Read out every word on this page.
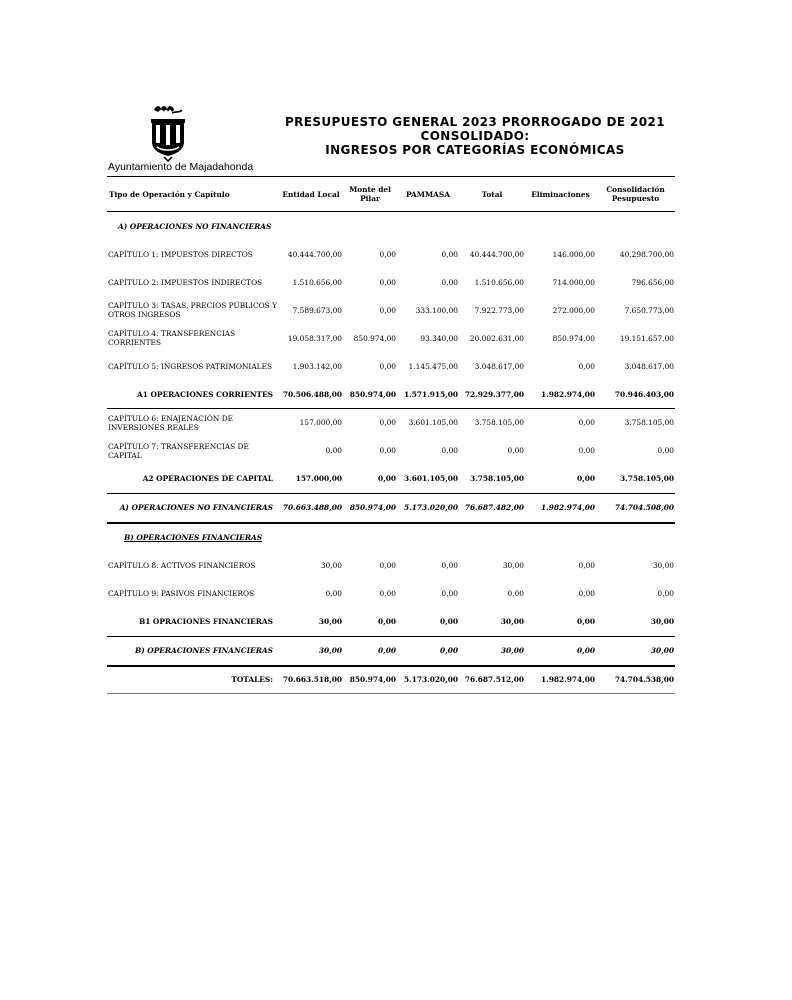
Ayuntamiento de Majadahonda
PRESUPUESTO GENERAL 2023 PRORROGADO DE 2021
CONSOLIDADO:
INGRESOS POR CATEGORÍAS ECONÓMICAS
Tipo de Operación y Capítulo	Entidad Local	Monte del Pilar	PAMMASA	Total	Eliminaciones	Consolidación Pesupuesto
A) OPERACIONES NO FINANCIERAS						
CAPÍTULO 1: IMPUESTOS DIRECTOS	40.444.700,00	0,00	0,00	40.444.700,00	146.000,00	40.298.700,00
CAPÍTULO 2: IMPUESTOS INDIRECTOS	1.510.656,00	0,00	0,00	1.510.656,00	714.000,00	796.656,00
CAPÍTULO 3: TASAS, PRECIOS PÚBLICOS Y OTROS INGRESOS	7.589.673,00	0,00	333.100,00	7.922.773,00	272.000,00	7.650.773,00
CAPÍTULO 4: TRANSFERENCIAS CORRIENTES	19.058.317,00	850.974,00	93.340,00	20.002.631,00	850.974,00	19.151.657,00
CAPÍTULO 5: INGRESOS PATRIMONIALES	1.903.142,00	0,00	1.145.475,00	3.048.617,00	0,00	3.048.617,00
A1 OPERACIONES CORRIENTES	70.506.488,00	850.974,00	1.571.915,00	72.929.377,00	1.982.974,00	70.946.403,00
CAPÍTULO 6: ENAJENACIÓN DE INVERSIONES REALES	157.000,00	0,00	3.601.105,00	3.758.105,00	0,00	3.758.105,00
CAPÍTULO 7: TRANSFERENCIAS DE CAPITAL	0,00	0,00	0,00	0,00	0,00	0,00
A2 OPERACIONES DE CAPITAL	157.000,00	0,00	3.601.105,00	3.758.105,00	0,00	3.758.105,00
A) OPERACIONES NO FINANCIERAS	70.663.488,00	850.974,00	5.173.020,00	76.687.482,00	1.982.974,00	74.704.508,00
B) OPERACIONES FINANCIERAS						
CAPÍTULO 8: ACTIVOS FINANCIEROS	30,00	0,00	0,00	30,00	0,00	30,00
CAPÍTULO 9: PASIVOS FINANCIEROS	0,00	0,00	0,00	0,00	0,00	0,00
B1 OPRACIONES FINANCIERAS	30,00	0,00	0,00	30,00	0,00	30,00
B) OPERACIONES FINANCIERAS	30,00	0,00	0,00	30,00	0,00	30,00
TOTALES:	70.663.518,00	850.974,00	5.173.020,00	76.687.512,00	1.982.974,00	74.704.538,00
